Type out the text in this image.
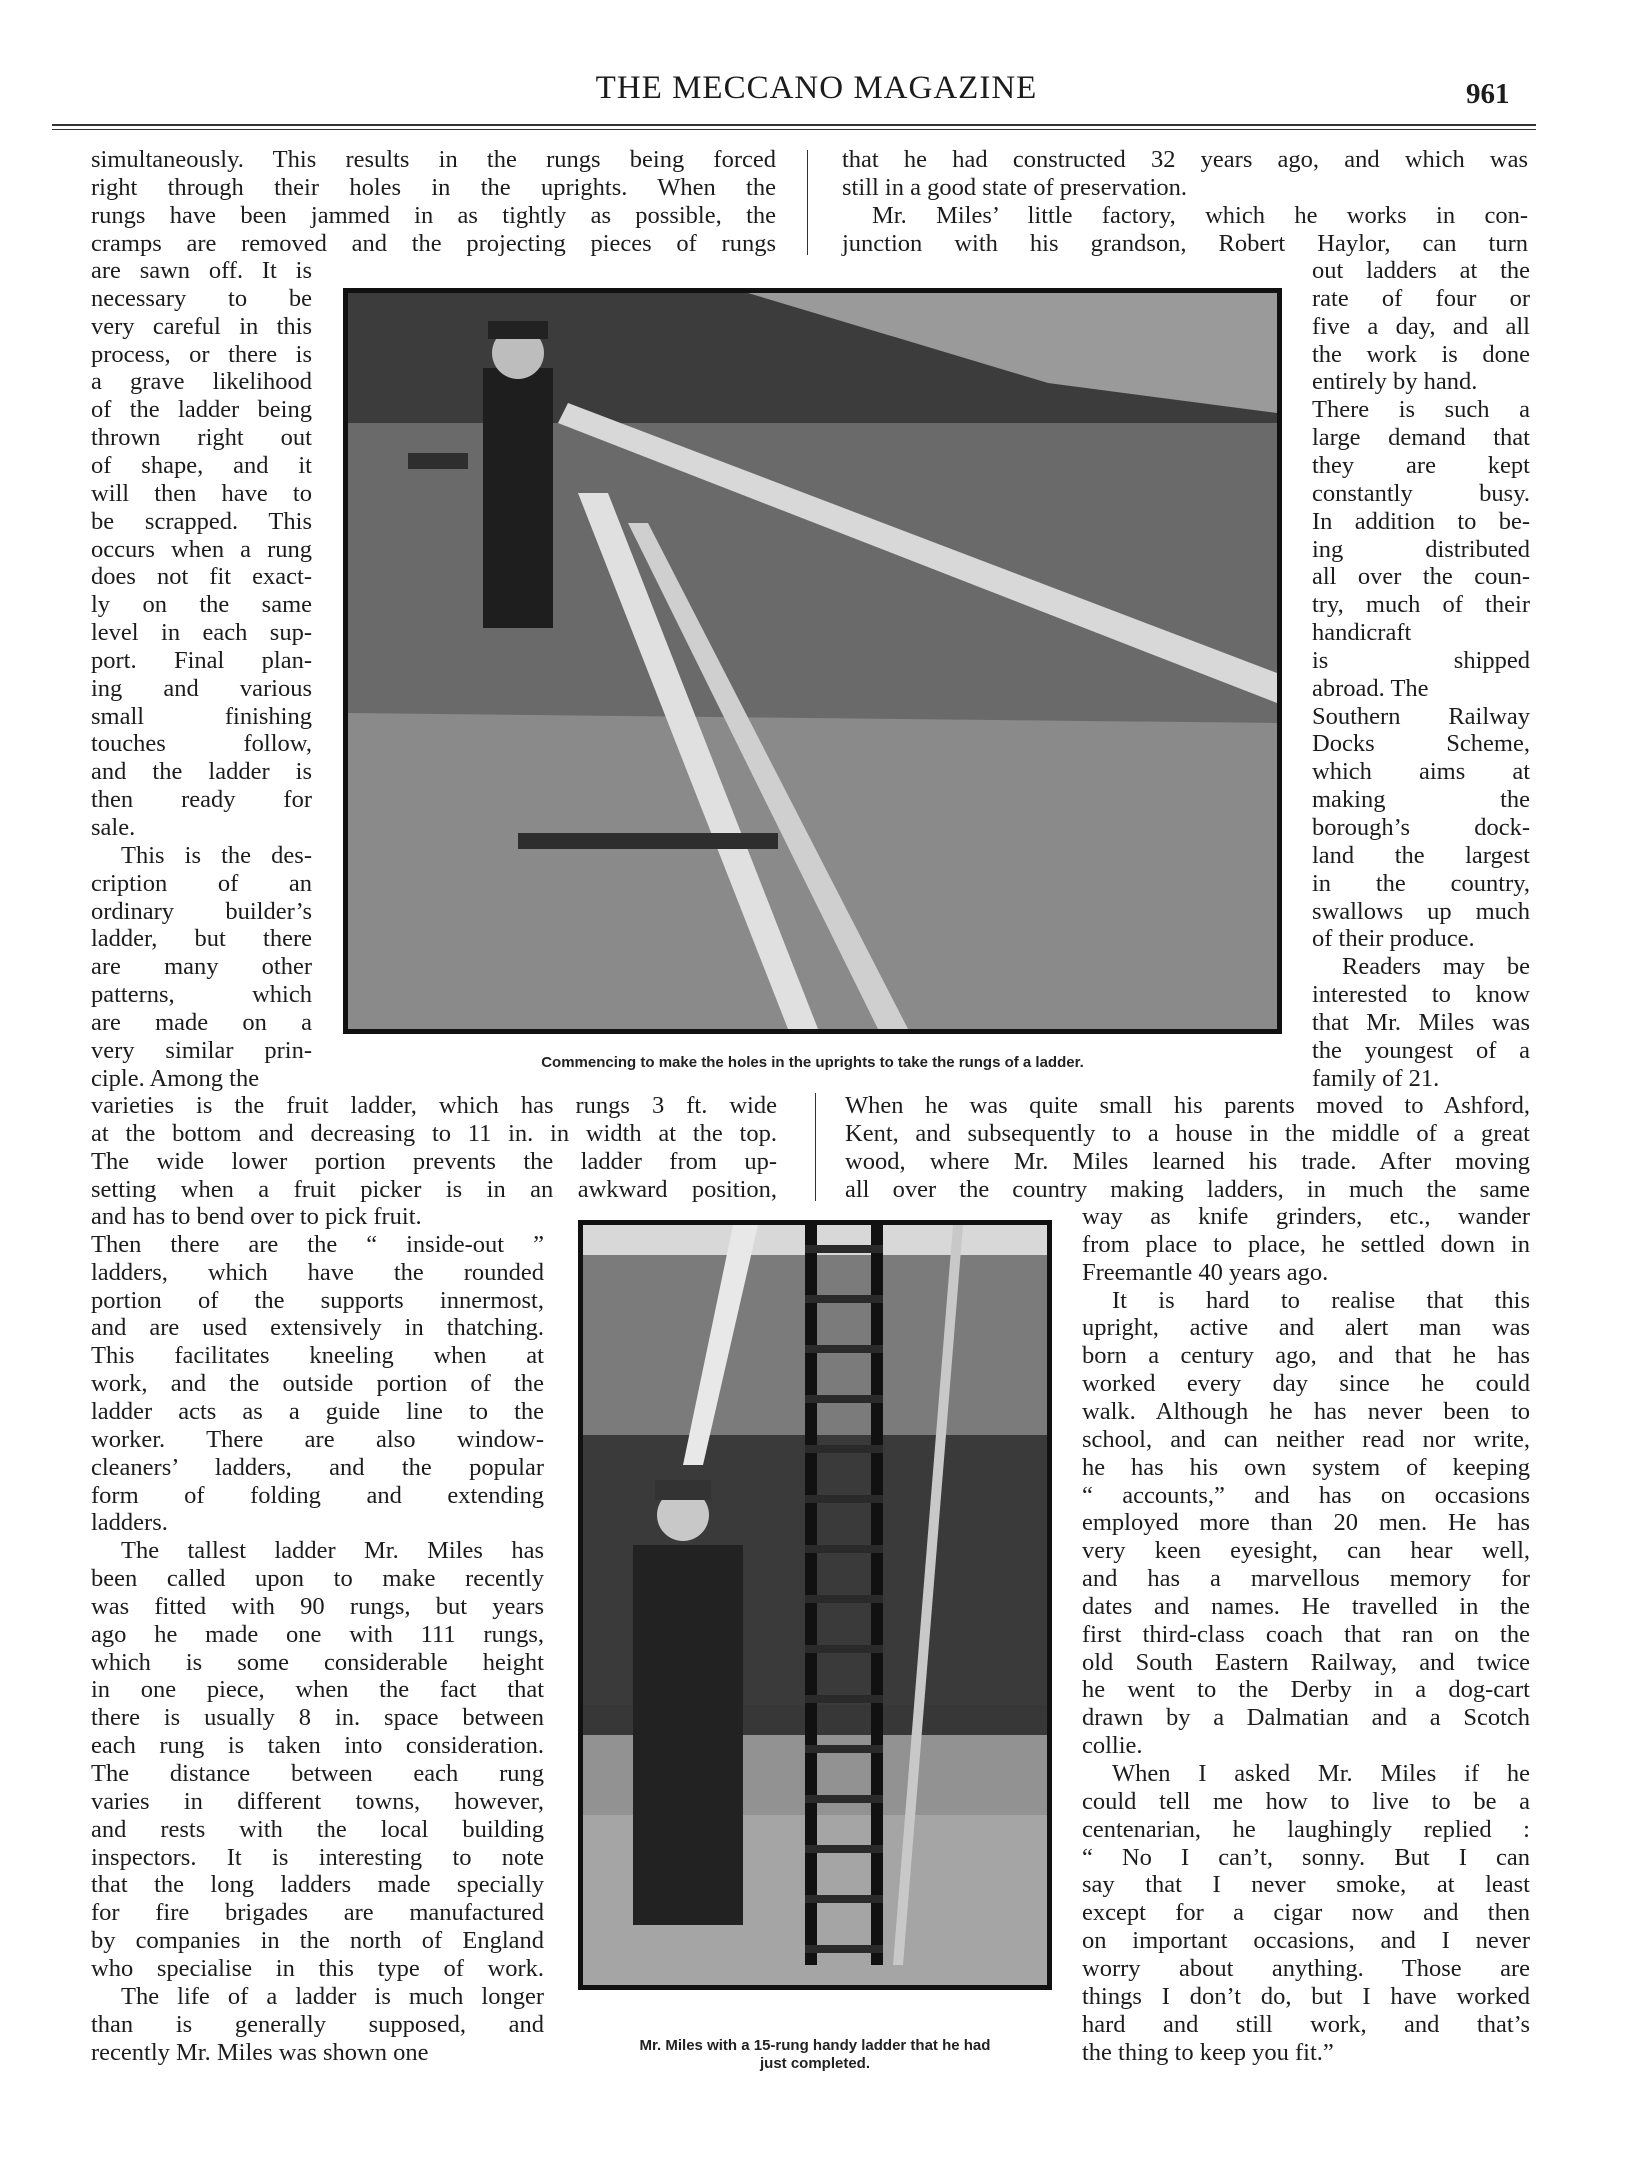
THE MECCANO MAGAZINE	961
Commencing to make the holes in the uprights to take the rungs of a ladder.
Mr. Miles with a 15-rung handy ladder that he had
just completed.
simultaneously. This results in the rungs being forced
right through their holes in the uprights. When the
rungs have been jammed in as tightly as possible, the
cramps are removed and the projecting pieces of rungs
that he had constructed 32 years ago, and which was
still in a good state of preservation.
Mr. Miles’ little factory, which he works in con-
junction with his grandson, Robert Haylor, can turn
are sawn off. It is
necessary to be
very careful in this
process, or there is
a grave likelihood
of the ladder being
thrown right out
of shape, and it
will then have to
be scrapped. This
occurs when a rung
does not fit exact-
ly on the same
level in each sup-
port. Final plan-
ing and various
small finishing
touches follow,
and the ladder is
then ready for
sale.
This is the des-
cription of an
ordinary builder’s
ladder, but there
are many other
patterns, which
are made on a
very similar prin-
ciple. Among the
out ladders at the
rate of four or
five a day, and all
the work is done
entirely by hand.
There is such a
large demand that
they are kept
constantly busy.
In addition to be-
ing distributed
all over the coun-
try, much of their
handicraft
is shipped
abroad. The
Southern Railway
Docks Scheme,
which aims at
making the
borough’s dock-
land the largest
in the country,
swallows up much
of their produce.
Readers may be
interested to know
that Mr. Miles was
the youngest of a
family of 21.
varieties is the fruit ladder, which has rungs 3 ft. wide
at the bottom and decreasing to 11 in. in width at the top.
The wide lower portion prevents the ladder from up-
setting when a fruit picker is in an awkward position,
When he was quite small his parents moved to Ashford,
Kent, and subsequently to a house in the middle of a great
wood, where Mr. Miles learned his trade. After moving
all over the country making ladders, in much the same
and has to bend over to pick fruit.
Then there are the “ inside-out ”
ladders, which have the rounded
portion of the supports innermost,
and are used extensively in thatching.
This facilitates kneeling when at
work, and the outside portion of the
ladder acts as a guide line to the
worker. There are also window-
cleaners’ ladders, and the popular
form of folding and extending
ladders.
The tallest ladder Mr. Miles has
been called upon to make recently
was fitted with 90 rungs, but years
ago he made one with 111 rungs,
which is some considerable height
in one piece, when the fact that
there is usually 8 in. space between
each rung is taken into consideration.
The distance between each rung
varies in different towns, however,
and rests with the local building
inspectors. It is interesting to note
that the long ladders made specially
for fire brigades are manufactured
by companies in the north of England
who specialise in this type of work.
The life of a ladder is much longer
than is generally supposed, and
recently Mr. Miles was shown one
way as knife grinders, etc., wander
from place to place, he settled down in
Freemantle 40 years ago.
It is hard to realise that this
upright, active and alert man was
born a century ago, and that he has
worked every day since he could
walk. Although he has never been to
school, and can neither read nor write,
he has his own system of keeping
“ accounts,” and has on occasions
employed more than 20 men. He has
very keen eyesight, can hear well,
and has a marvellous memory for
dates and names. He travelled in the
first third-class coach that ran on the
old South Eastern Railway, and twice
he went to the Derby in a dog-cart
drawn by a Dalmatian and a Scotch
collie.
When I asked Mr. Miles if he
could tell me how to live to be a
centenarian, he laughingly replied :
“ No I can’t, sonny. But I can
say that I never smoke, at least
except for a cigar now and then
on important occasions, and I never
worry about anything. Those are
things I don’t do, but I have worked
hard and still work, and that’s
the thing to keep you fit.”
